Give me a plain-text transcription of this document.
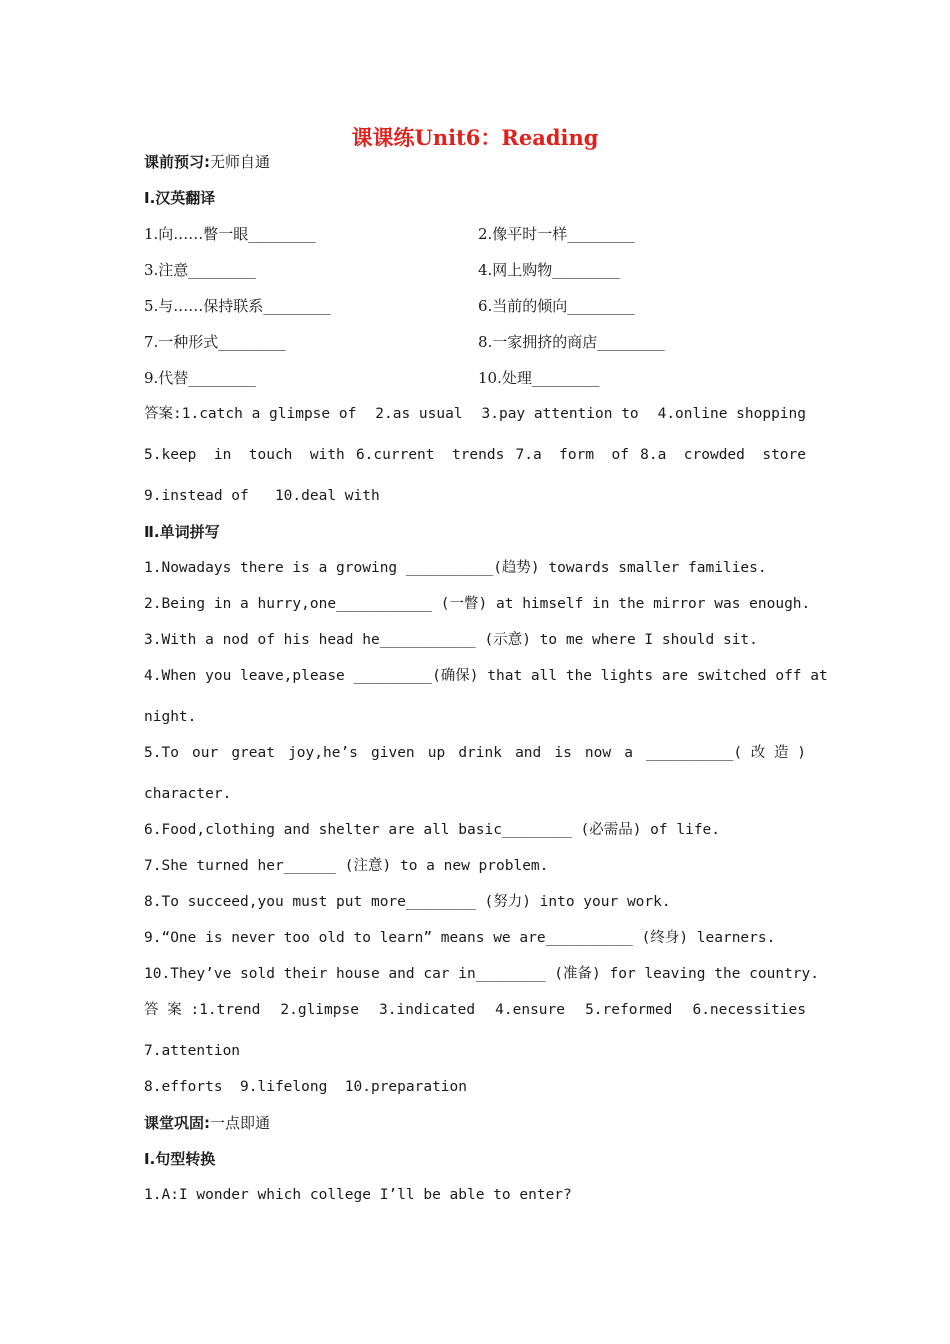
课课练Unit6：Reading
课前预习:无师自通
Ⅰ.汉英翻译
1.向……瞥一眼_________	2.像平时一样_________
3.注意_________	4.网上购物_________
5.与……保持联系_________	6.当前的倾向_________
7.一种形式_________	8.一家拥挤的商店_________
9.代替_________	10.处理_________
答案:1.catch a glimpse of 2.as usual 3.pay attention to 4.online shopping
5.keep  in  touch  with 6.current  trends 7.a  form  of 8.a  crowded  store
9.instead of   10.deal with
Ⅱ.单词拼写
1.Nowadays there is a growing __________(趋势) towards smaller families.
2.Being in a hurry,one___________ (一瞥) at himself in the mirror was enough.
3.With a nod of his head he___________ (示意) to me where I should sit.
4.When you leave,please _________(确保) that all the lights are switched off at
night.
5.To our great joy,he’s given up drink and is now a __________( 改 造 )
character.
6.Food,clothing and shelter are all basic________ (必需品) of life.
7.She turned her______ (注意) to a new problem.
8.To succeed,you must put more________ (努力) into your work.
9.“One is never too old to learn” means we are__________ (终身) learners.
10.They’ve sold their house and car in________ (准备) for leaving the country.
答 案 :1.trend 2.glimpse 3.indicated 4.ensure 5.reformed 6.necessities
7.attention
8.efforts  9.lifelong  10.preparation
课堂巩固:一点即通
Ⅰ.句型转换
1.A:I wonder which college I’ll be able to enter?
